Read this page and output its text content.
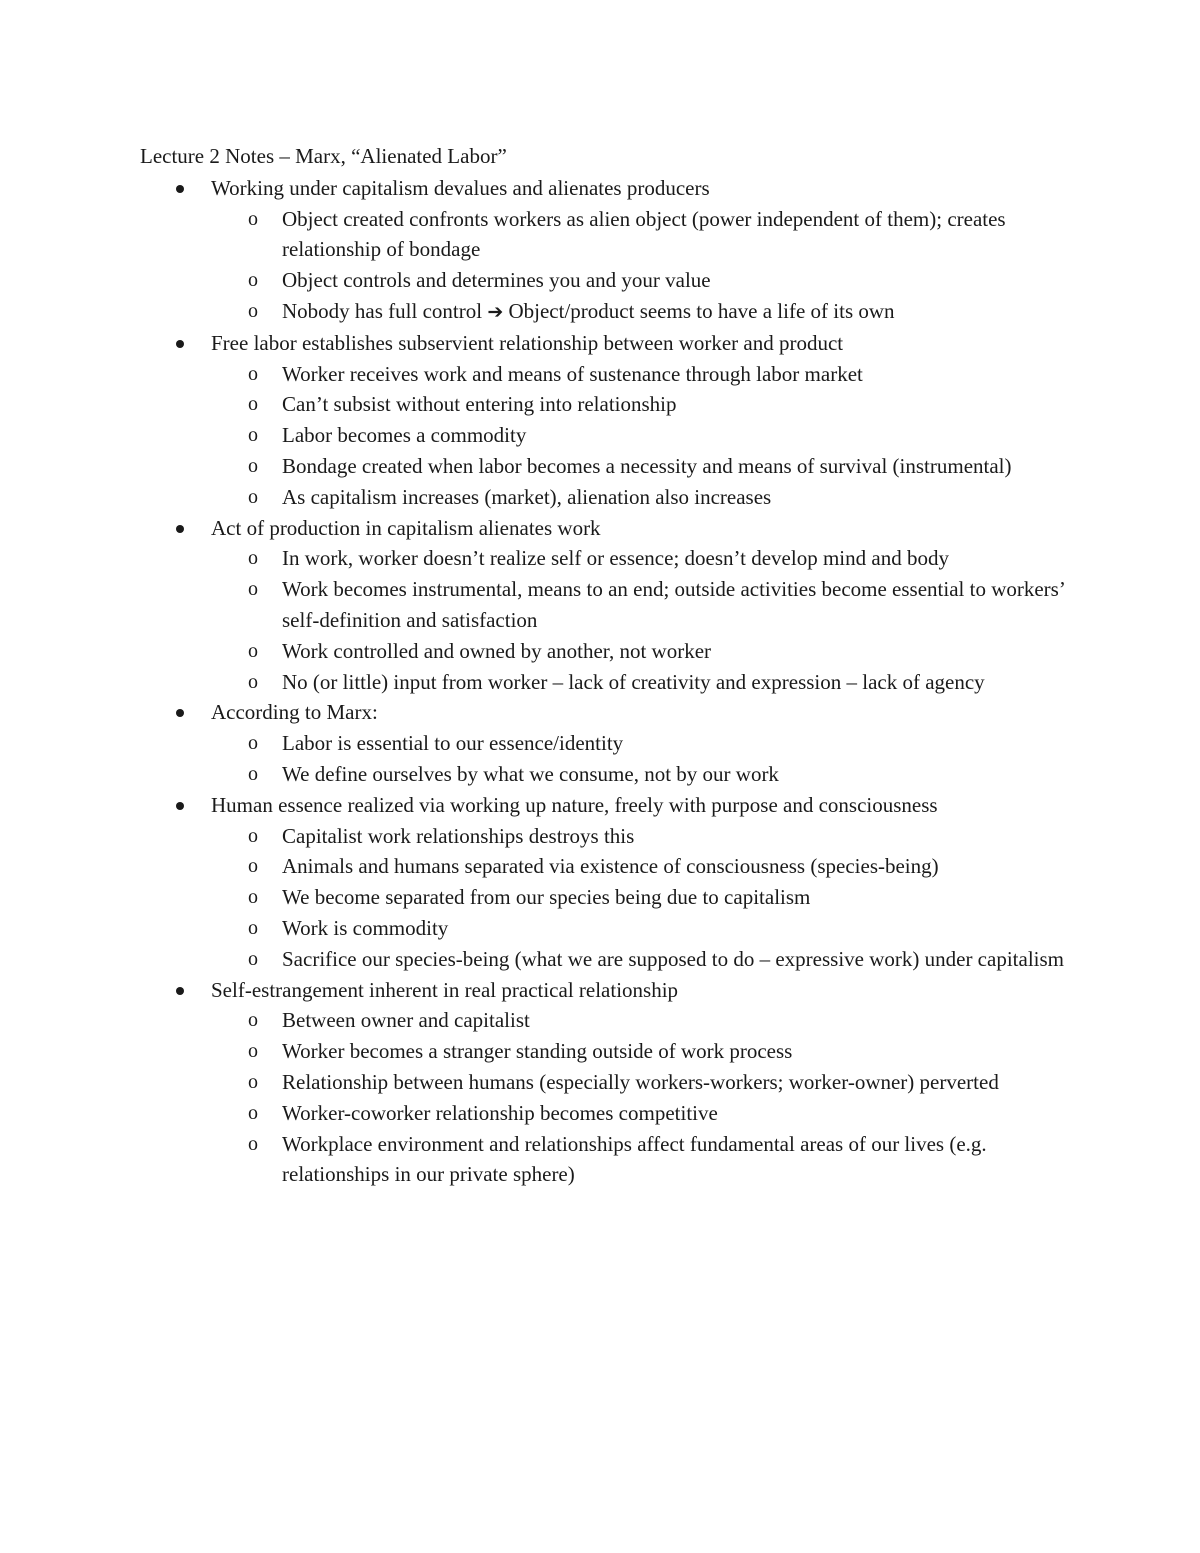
Lecture 2 Notes – Marx, “Alienated Labor”
Working under capitalism devalues and alienates producers
o Object created confronts workers as alien object (power independent of them); creates relationship of bondage
o Object controls and determines you and your value
o Nobody has full control ➔ Object/product seems to have a life of its own
Free labor establishes subservient relationship between worker and product
o Worker receives work and means of sustenance through labor market
o Can’t subsist without entering into relationship
o Labor becomes a commodity
o Bondage created when labor becomes a necessity and means of survival (instrumental)
o As capitalism increases (market), alienation also increases
Act of production in capitalism alienates work
o In work, worker doesn’t realize self or essence; doesn’t develop mind and body
o Work becomes instrumental, means to an end; outside activities become essential to workers’ self-definition and satisfaction
o Work controlled and owned by another, not worker
o No (or little) input from worker – lack of creativity and expression – lack of agency
According to Marx:
o Labor is essential to our essence/identity
o We define ourselves by what we consume, not by our work
Human essence realized via working up nature, freely with purpose and consciousness
o Capitalist work relationships destroys this
o Animals and humans separated via existence of consciousness (species-being)
o We become separated from our species being due to capitalism
o Work is commodity
o Sacrifice our species-being (what we are supposed to do – expressive work) under capitalism
Self-estrangement inherent in real practical relationship
o Between owner and capitalist
o Worker becomes a stranger standing outside of work process
o Relationship between humans (especially workers-workers; worker-owner) perverted
o Worker-coworker relationship becomes competitive
o Workplace environment and relationships affect fundamental areas of our lives (e.g. relationships in our private sphere)
